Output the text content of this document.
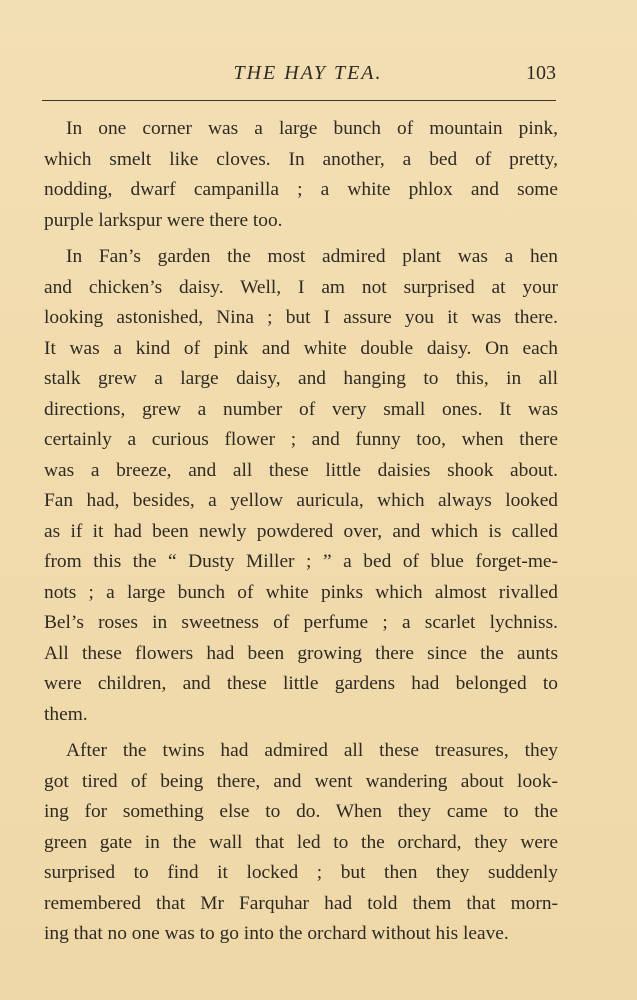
THE HAY TEA.	103

In one corner was a large bunch of mountain pink,
which smelt like cloves. In another, a bed of pretty,
nodding, dwarf campanilla ; a white phlox and some
purple larkspur were there too.

In Fan’s garden the most admired plant was a hen
and chicken’s daisy. Well, I am not surprised at your
looking astonished, Nina ; but I assure you it was there.
It was a kind of pink and white double daisy. On each
stalk grew a large daisy, and hanging to this, in all
directions, grew a number of very small ones. It was
certainly a curious flower ; and funny too, when there
was a breeze, and all these little daisies shook about.
Fan had, besides, a yellow auricula, which always looked
as if it had been newly powdered over, and which is called
from this the “ Dusty Miller ; ” a bed of blue forget-me-
nots ; a large bunch of white pinks which almost rivalled
Bel’s roses in sweetness of perfume ; a scarlet lychniss.
All these flowers had been growing there since the aunts
were children, and these little gardens had belonged to
them.

After the twins had admired all these treasures, they
got tired of being there, and went wandering about look-
ing for something else to do. When they came to the
green gate in the wall that led to the orchard, they were
surprised to find it locked ; but then they suddenly
remembered that Mr Farquhar had told them that morn-
ing that no one was to go into the orchard without his leave.
